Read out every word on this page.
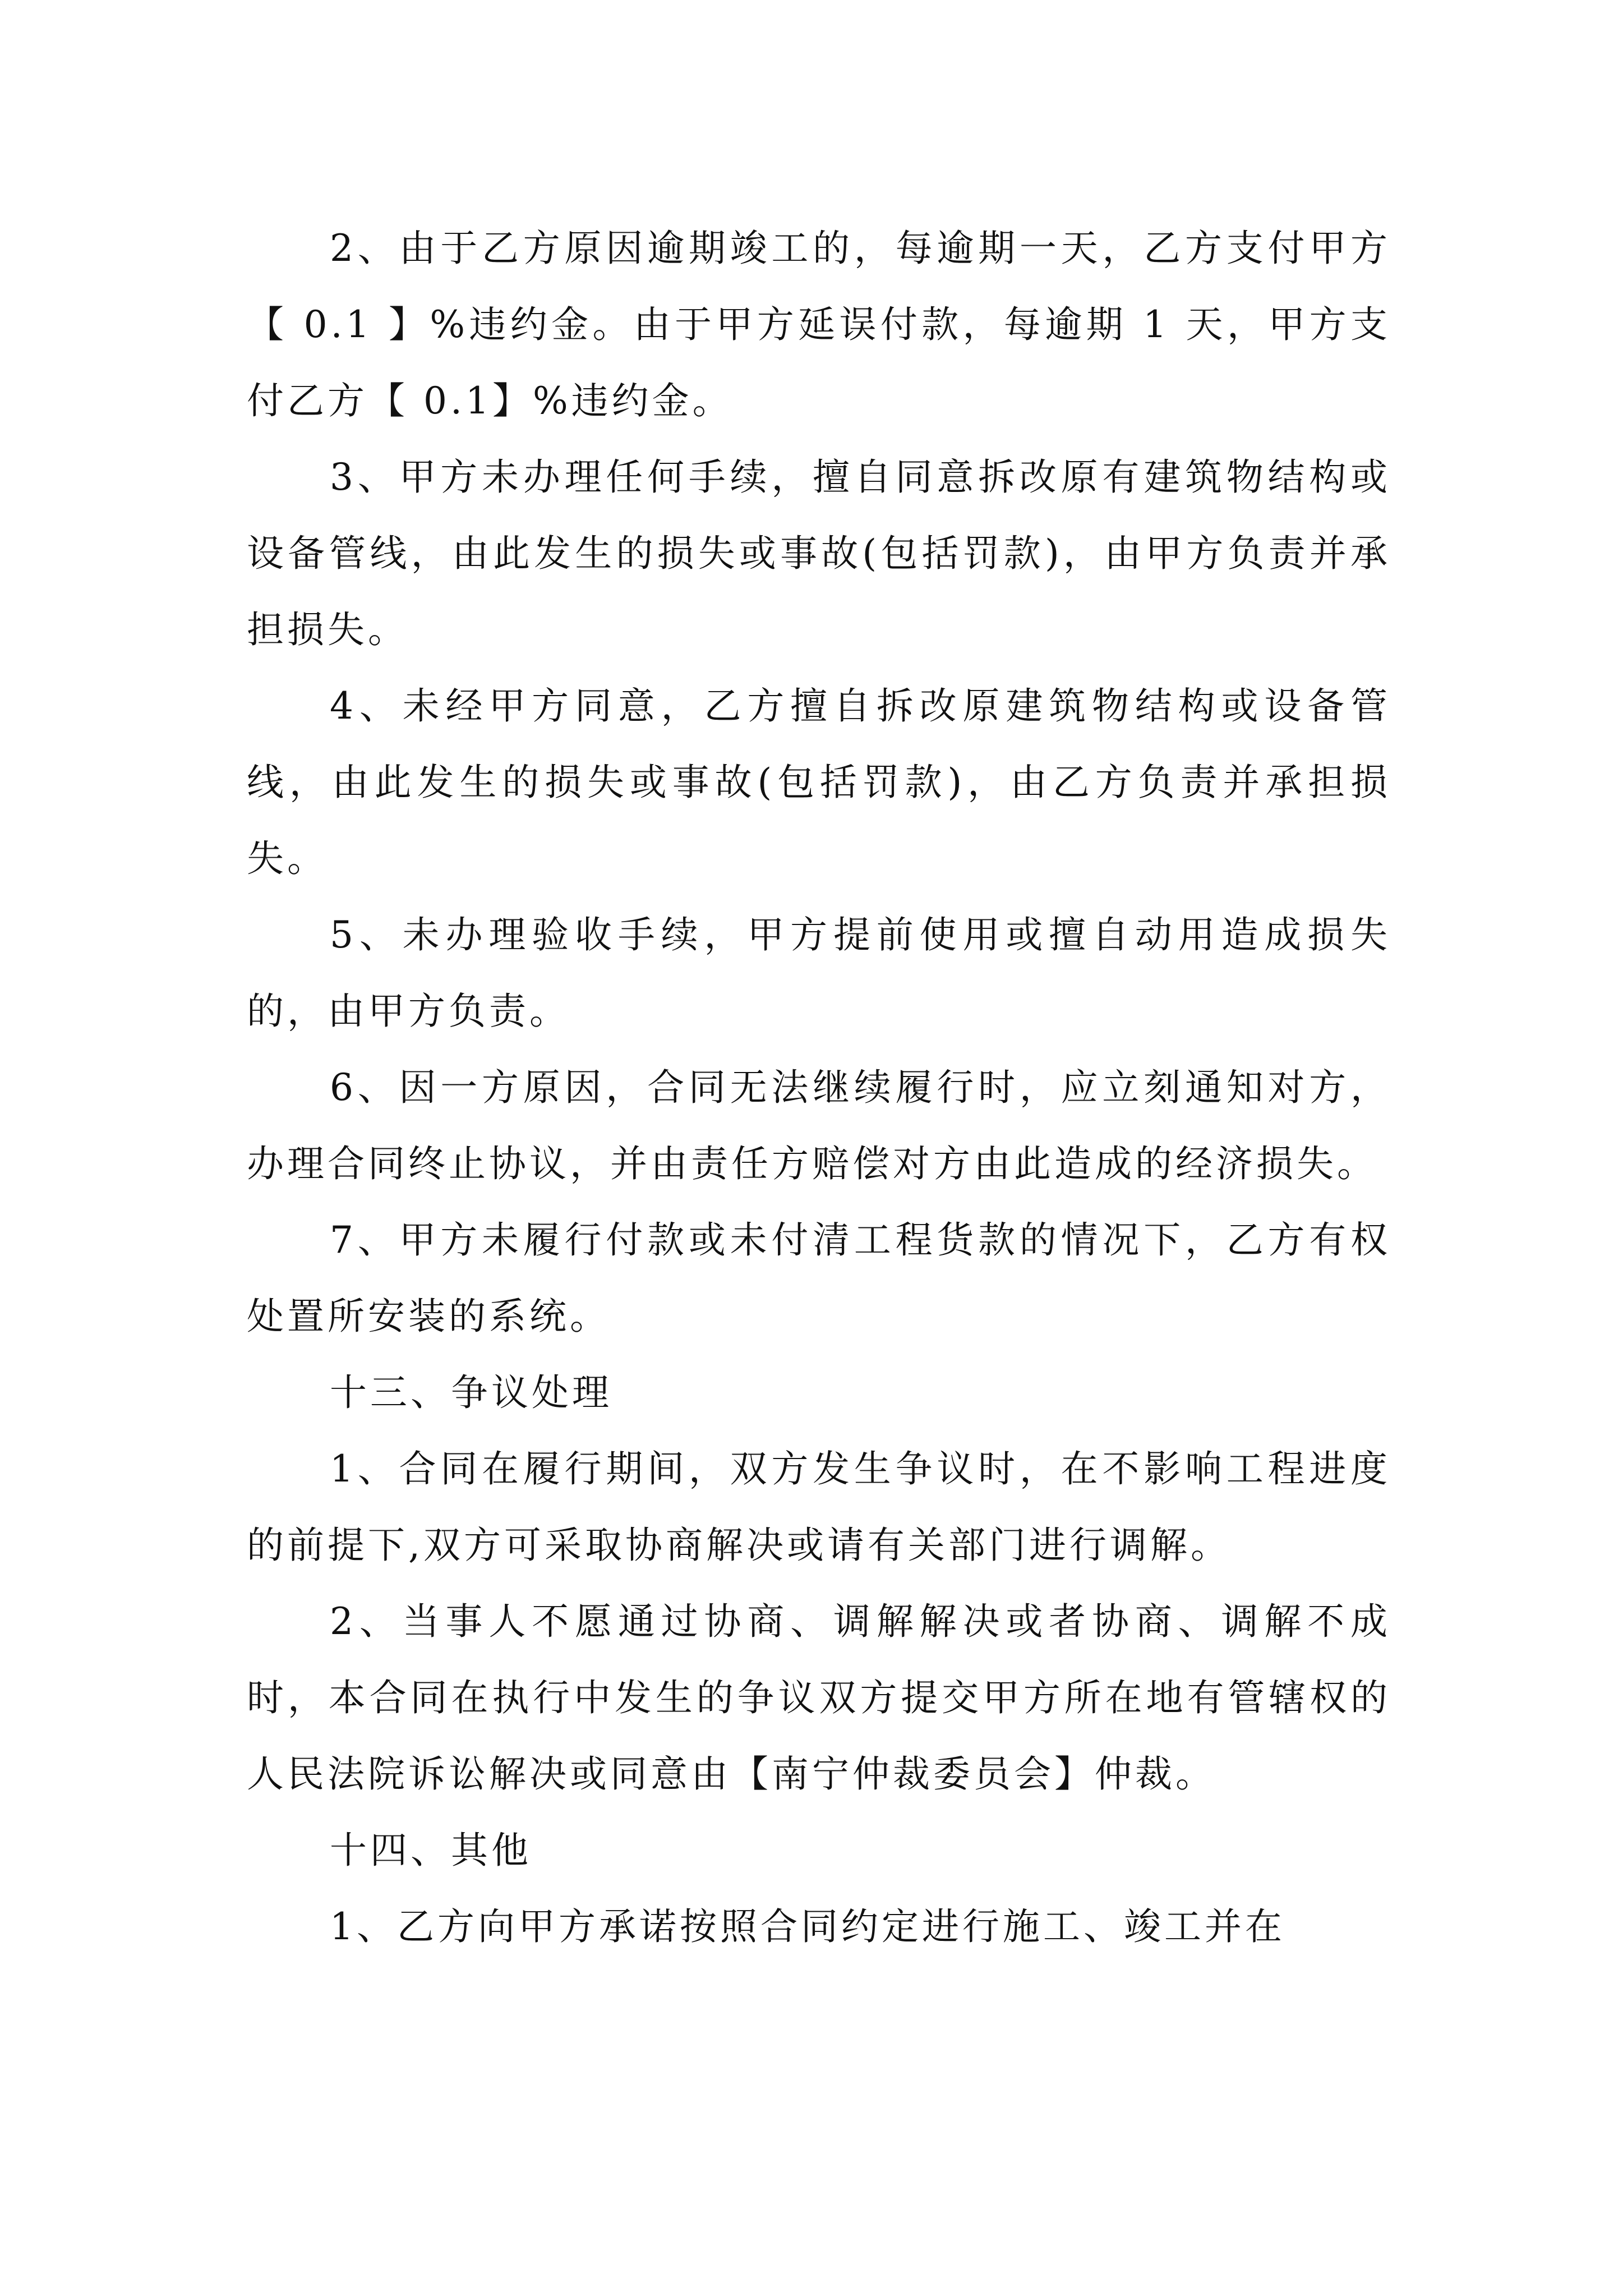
2、由于乙方原因逾期竣工的，每逾期一天，乙方支付甲方【 0.1 】%违约金。由于甲方延误付款，每逾期 1 天，甲方支付乙方【 0.1】%违约金。

3、甲方未办理任何手续，擅自同意拆改原有建筑物结构或设备管线，由此发生的损失或事故(包括罚款)，由甲方负责并承担损失。

4、未经甲方同意，乙方擅自拆改原建筑物结构或设备管线，由此发生的损失或事故(包括罚款)，由乙方负责并承担损失。

5、未办理验收手续，甲方提前使用或擅自动用造成损失的，由甲方负责。

6、因一方原因，合同无法继续履行时，应立刻通知对方，办理合同终止协议，并由责任方赔偿对方由此造成的经济损失。

7、甲方未履行付款或未付清工程货款的情况下，乙方有权处置所安装的系统。

十三、争议处理

1、合同在履行期间，双方发生争议时，在不影响工程进度的前提下,双方可采取协商解决或请有关部门进行调解。

2、当事人不愿通过协商、调解解决或者协商、调解不成时，本合同在执行中发生的争议双方提交甲方所在地有管辖权的人民法院诉讼解决或同意由【南宁仲裁委员会】仲裁。

十四、其他

1、乙方向甲方承诺按照合同约定进行施工、竣工并在
